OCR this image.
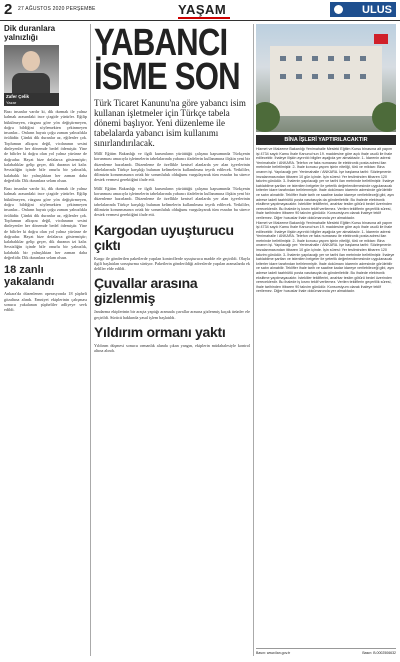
2 27 AĞUSTOS 2020 PERŞEMBE	YAŞAM	ULUS
Dik duranlara yalnızlığı
Zafer Çelik
Yazar

Bazı insanlar vardır ki, dik durmak ile yalnız kalmak arasındaki ince çizgide yürürler. Eğilip bükülmeyen, rüzgara göre yön değiştirmeyen, doğru bildiğini söylemekten çekinmeyen insanlar... Onların hayatı çoğu zaman yalnızlıkla örülüdür. Çünkü dik duranlar az, eğilenler çok. Toplumun alkışını değil, vicdanının sesini dinleyenler her dönemde bedel ödemiştir. Yine de bilirler ki doğru olan yol yalnız yürünse de doğrudur. Hayat bize defalarca göstermiştir; kalabalıklar gelip geçer, dik duranın izi kalır. Sessizliğin içinde bile onurlu bir yalnızlık, kalabalık bir yalnışlıktan her zaman daha değerlidir. Dik duranlara selam olsun.

Bazı insanlar vardır ki, dik durmak ile yalnız kalmak arasındaki ince çizgide yürürler. Eğilip bükülmeyen, rüzgara göre yön değiştirmeyen, doğru bildiğini söylemekten çekinmeyen insanlar... Onların hayatı çoğu zaman yalnızlıkla örülüdür. Çünkü dik duranlar az, eğilenler çok. Toplumun alkışını değil, vicdanının sesini dinleyenler her dönemde bedel ödemiştir. Yine de bilirler ki doğru olan yol yalnız yürünse de doğrudur. Hayat bize defalarca göstermiştir; kalabalıklar gelip geçer, dik duranın izi kalır. Sessizliğin içinde bile onurlu bir yalnızlık, kalabalık bir yalnışlıktan her zaman daha değerlidir. Dik duranlara selam olsun.

18 zanlı yakalandı

Ankara'da düzenlenen operasyonda 18 şüpheli gözaltına alındı. Emniyet ekiplerinin çalışması sonucu yakalanan şüpheliler adliyeye sevk edildi.

YABANCI
İSME SON

Türk Ticaret Kanunu'na göre yabancı isim kullanan işletmeler için Türkçe tabela dönemi başlıyor. Yeni düzenleme ile tabelalarda yabancı isim kullanımı sınırlandırılacak.

Millî Eğitim Bakanlığı ve ilgili kurumların yürüttüğü çalışma kapsamında Türkçenin korunması amacıyla işletmelerin tabelalarında yabancı ifadelerin kullanımına ilişkin yeni bir düzenleme hazırlandı. Düzenleme ile özellikle kentsel alanlarda yer alan işyerlerinin tabelalarında Türkçe karşılığı bulunan kelimelerin kullanılması teşvik edilecek. Yetkililer, dilimizin korunmasının ortak bir sorumluluk olduğunu vurgulayarak tüm esnafın bu sürece destek vermesi gerektiğini ifade etti.

Millî Eğitim Bakanlığı ve ilgili kurumların yürüttüğü çalışma kapsamında Türkçenin korunması amacıyla işletmelerin tabelalarında yabancı ifadelerin kullanımına ilişkin yeni bir düzenleme hazırlandı. Düzenleme ile özellikle kentsel alanlarda yer alan işyerlerinin tabelalarında Türkçe karşılığı bulunan kelimelerin kullanılması teşvik edilecek. Yetkililer, dilimizin korunmasının ortak bir sorumluluk olduğunu vurgulayarak tüm esnafın bu sürece destek vermesi gerektiğini ifade etti.

Kargodan uyuşturucu çıktı

Kargo ile gönderilen paketlerde yapılan kontrollerde uyuşturucu madde ele geçirildi. Olayla ilgili başlatılan soruşturma sürüyor. Paketlerin gönderildiği adreslerde yapılan aramalarda ek deliller elde edildi.

Çuvallar arasına gizlenmiş

Jandarma ekiplerinin bir araçta yaptığı aramada çuvallar arasına gizlenmiş kaçak ürünler ele geçirildi. Sürücü hakkında yasal işlem başlatıldı.

Yıldırım ormanı yaktı

Yıldırım düşmesi sonucu ormanlık alanda çıkan yangın, ekiplerin müdahalesiyle kontrol altına alındı.

BİNA İŞLERİ YAPTIRILACAKTIR

Hizmet ve Malzeme Bakanlığı Yenimahalle Mesleki Eğitim Kursu binasına ait yapım işi 4734 sayılı Kamu İhale Kanunu'nun 19. maddesine göre açık ihale usulü ile ihale edilecektir. İhaleye ilişkin ayrıntılı bilgiler aşağıda yer almaktadır. 1- İdarenin adresi: Yenimahalle / ANKARA. Telefon ve faks numarası ile elektronik posta adresi ilan metninde belirtilmiştir. 2- İhale konusu yapım işinin niteliği, türü ve miktarı: Bina onarım işi. Yapılacağı yer: Yenimahalle / ANKARA. İşe başlama tarihi: Sözleşmenin imzalanmasından itibaren 10 gün içinde. İşin süresi: Yer tesliminden itibaren 120 takvim günüdür. 3- İhalenin yapılacağı yer ve tarihi ilan metninde belirtilmiştir. İhaleye katılabilme şartları ve istenilen belgeler ile yeterlik değerlendirmesinde uygulanacak kriterler idare tarafından belirlenmiştir. İhale dokümanı idarenin adresinde görülebilir ve satın alınabilir. Teklifler ihale tarih ve saatine kadar idareye verilebileceği gibi, aynı adrese iadeli taahhütlü posta vasıtasıyla da gönderilebilir. Bu ihalede elektronik eksiltme yapılmayacaktır. İstekliler tekliflerini, anahtar teslim götürü bedel üzerinden vereceklerdir. Bu ihalede iş kısmı teklif verilemez. Verilen tekliflerin geçerlilik süresi, ihale tarihinden itibaren 90 takvim günüdür. Konsorsiyum olarak ihaleye teklif verilemez. Diğer hususlar ihale dokümanında yer almaktadır.

Hizmet ve Malzeme Bakanlığı Yenimahalle Mesleki Eğitim Kursu binasına ait yapım işi 4734 sayılı Kamu İhale Kanunu'nun 19. maddesine göre açık ihale usulü ile ihale edilecektir. İhaleye ilişkin ayrıntılı bilgiler aşağıda yer almaktadır. 1- İdarenin adresi: Yenimahalle / ANKARA. Telefon ve faks numarası ile elektronik posta adresi ilan metninde belirtilmiştir. 2- İhale konusu yapım işinin niteliği, türü ve miktarı: Bina onarım işi. Yapılacağı yer: Yenimahalle / ANKARA. İşe başlama tarihi: Sözleşmenin imzalanmasından itibaren 10 gün içinde. İşin süresi: Yer tesliminden itibaren 120 takvim günüdür. 3- İhalenin yapılacağı yer ve tarihi ilan metninde belirtilmiştir. İhaleye katılabilme şartları ve istenilen belgeler ile yeterlik değerlendirmesinde uygulanacak kriterler idare tarafından belirlenmiştir. İhale dokümanı idarenin adresinde görülebilir ve satın alınabilir. Teklifler ihale tarih ve saatine kadar idareye verilebileceği gibi, aynı adrese iadeli taahhütlü posta vasıtasıyla da gönderilebilir. Bu ihalede elektronik eksiltme yapılmayacaktır. İstekliler tekliflerini, anahtar teslim götürü bedel üzerinden vereceklerdir. Bu ihalede iş kısmı teklif verilemez. Verilen tekliflerin geçerlilik süresi, ihale tarihinden itibaren 90 takvim günüdür. Konsorsiyum olarak ihaleye teklif verilemez. Diğer hususlar ihale dokümanında yer almaktadır.

Basın: www.ilan.gov.tr	Basın: B.0002506632
